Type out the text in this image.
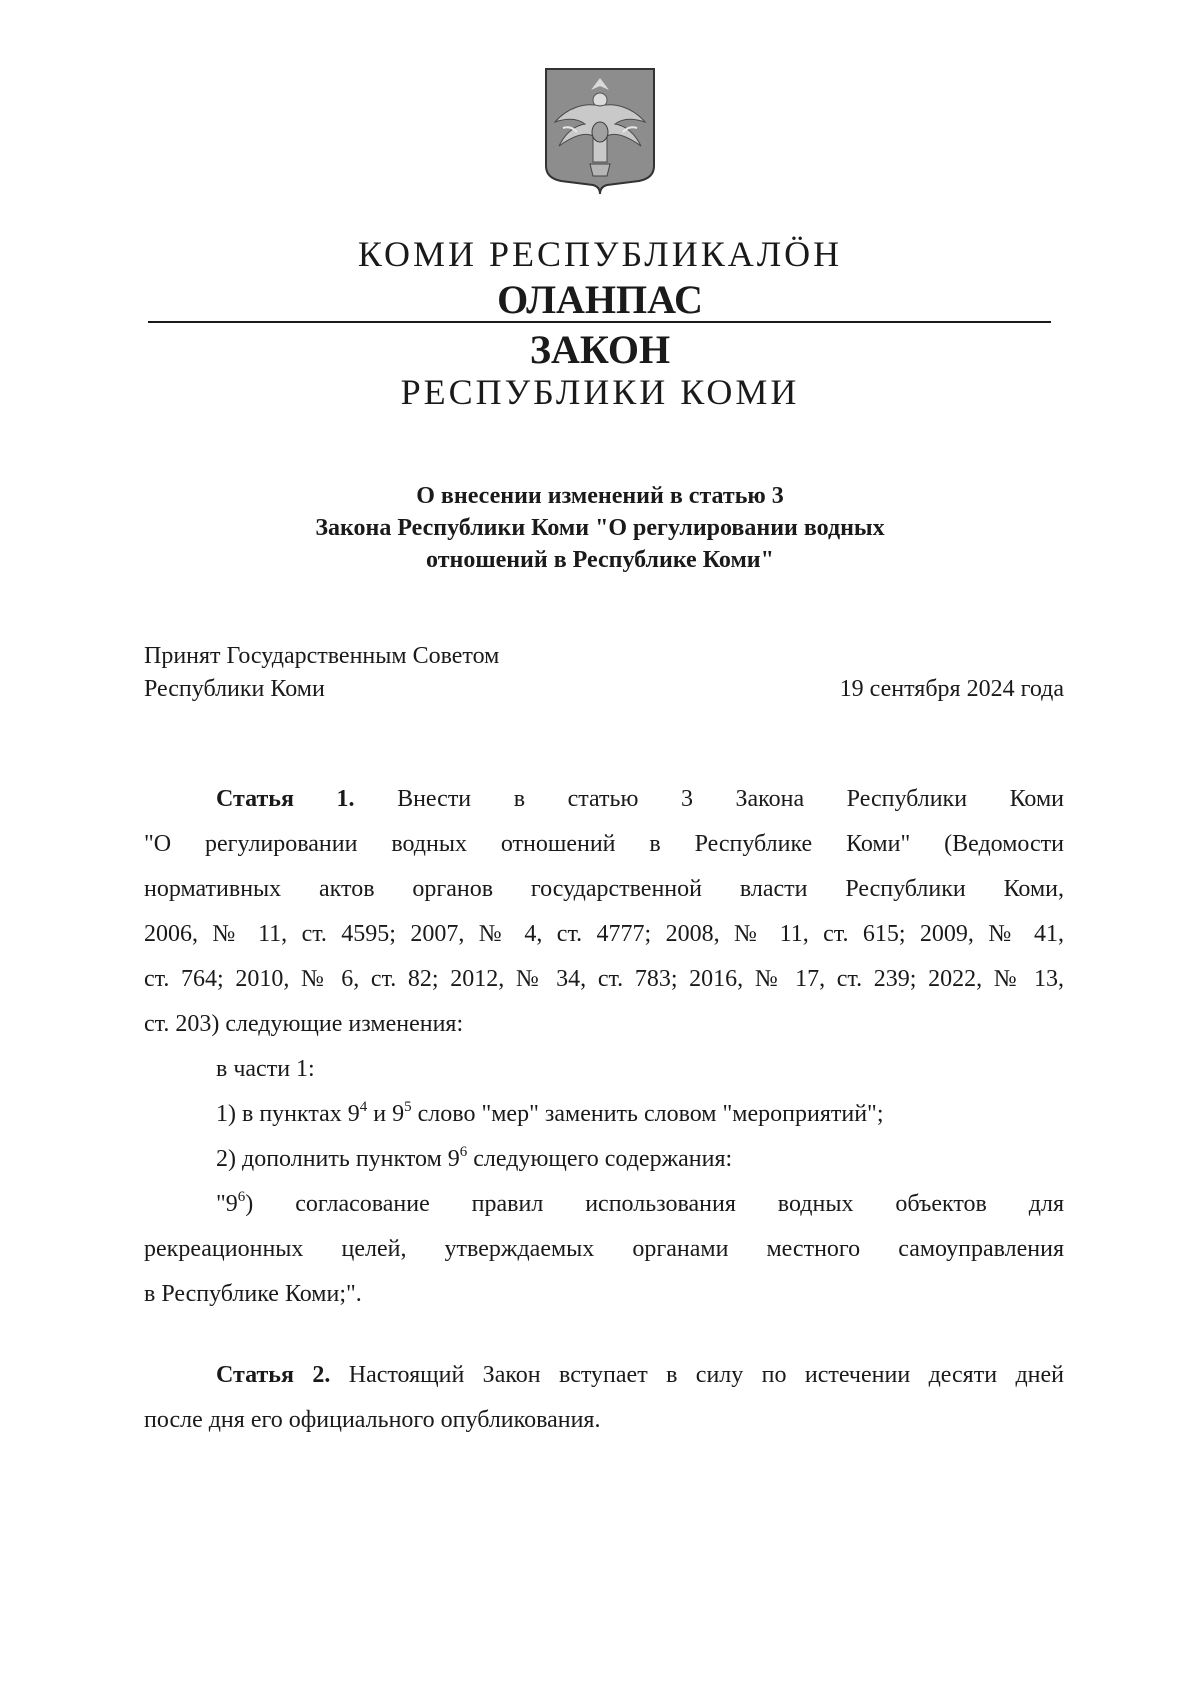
КОМИ РЕСПУБЛИКАЛӦН
ОЛАНПАС
ЗАКОН
РЕСПУБЛИКИ КОМИ
О внесении изменений в статью 3
Закона Республики Коми "О регулировании водных
отношений в Республике Коми"
Принят Государственным Советом
Республики Коми	19 сентября 2024 года
Статья 1. Внести в статью 3 Закона Республики Коми
"О регулировании водных отношений в Республике Коми" (Ведомости
нормативных актов органов государственной власти Республики Коми,
2006, № 11, ст. 4595; 2007, № 4, ст. 4777; 2008, № 11, ст. 615; 2009, № 41,
ст. 764; 2010, № 6, ст. 82; 2012, № 34, ст. 783; 2016, № 17, ст. 239; 2022, № 13,
ст. 203) следующие изменения:
в части 1:
1) в пунктах $9^4$ и $9^5$ слово "мер" заменить словом "мероприятий";
2) дополнить пунктом $9^6$ следующего содержания:
"$9^6$) согласование правил использования водных объектов для
рекреационных целей, утверждаемых органами местного самоуправления
в Республике Коми;".
Статья 2. Настоящий Закон вступает в силу по истечении десяти дней
после дня его официального опубликования.
